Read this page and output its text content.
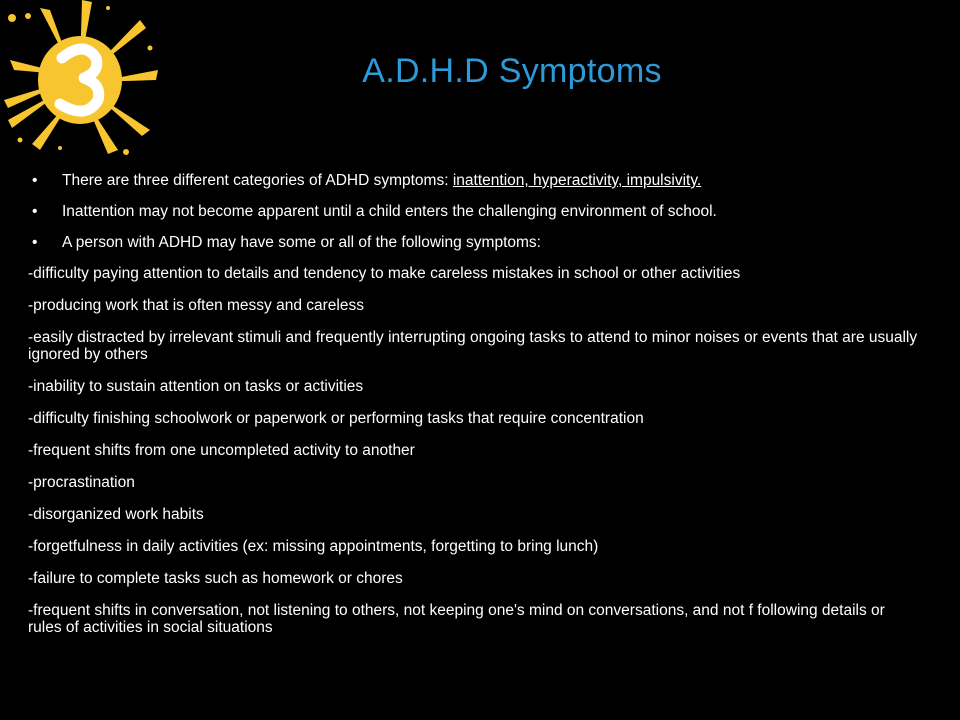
A.D.H.D Symptoms
• There are three different categories of ADHD symptoms: inattention, hyperactivity, impulsivity.
• Inattention may not become apparent until a child enters the challenging environment of school.
• A person with ADHD may have some or all of the following symptoms:

-difficulty paying attention to details and tendency to make careless mistakes in school or other activities

-producing work that is often messy and careless

-easily distracted by irrelevant stimuli and frequently interrupting ongoing tasks to attend to minor noises or events that are usually ignored by others

-inability to sustain attention on tasks or activities

-difficulty finishing schoolwork or paperwork or performing tasks that require concentration

-frequent shifts from one uncompleted activity to another

-procrastination

-disorganized work habits

-forgetfulness in daily activities (ex: missing appointments, forgetting to bring lunch)

-failure to complete tasks such as homework or chores

-frequent shifts in conversation, not listening to others, not keeping one's mind on conversations, and not f following details or rules of activities in social situations
